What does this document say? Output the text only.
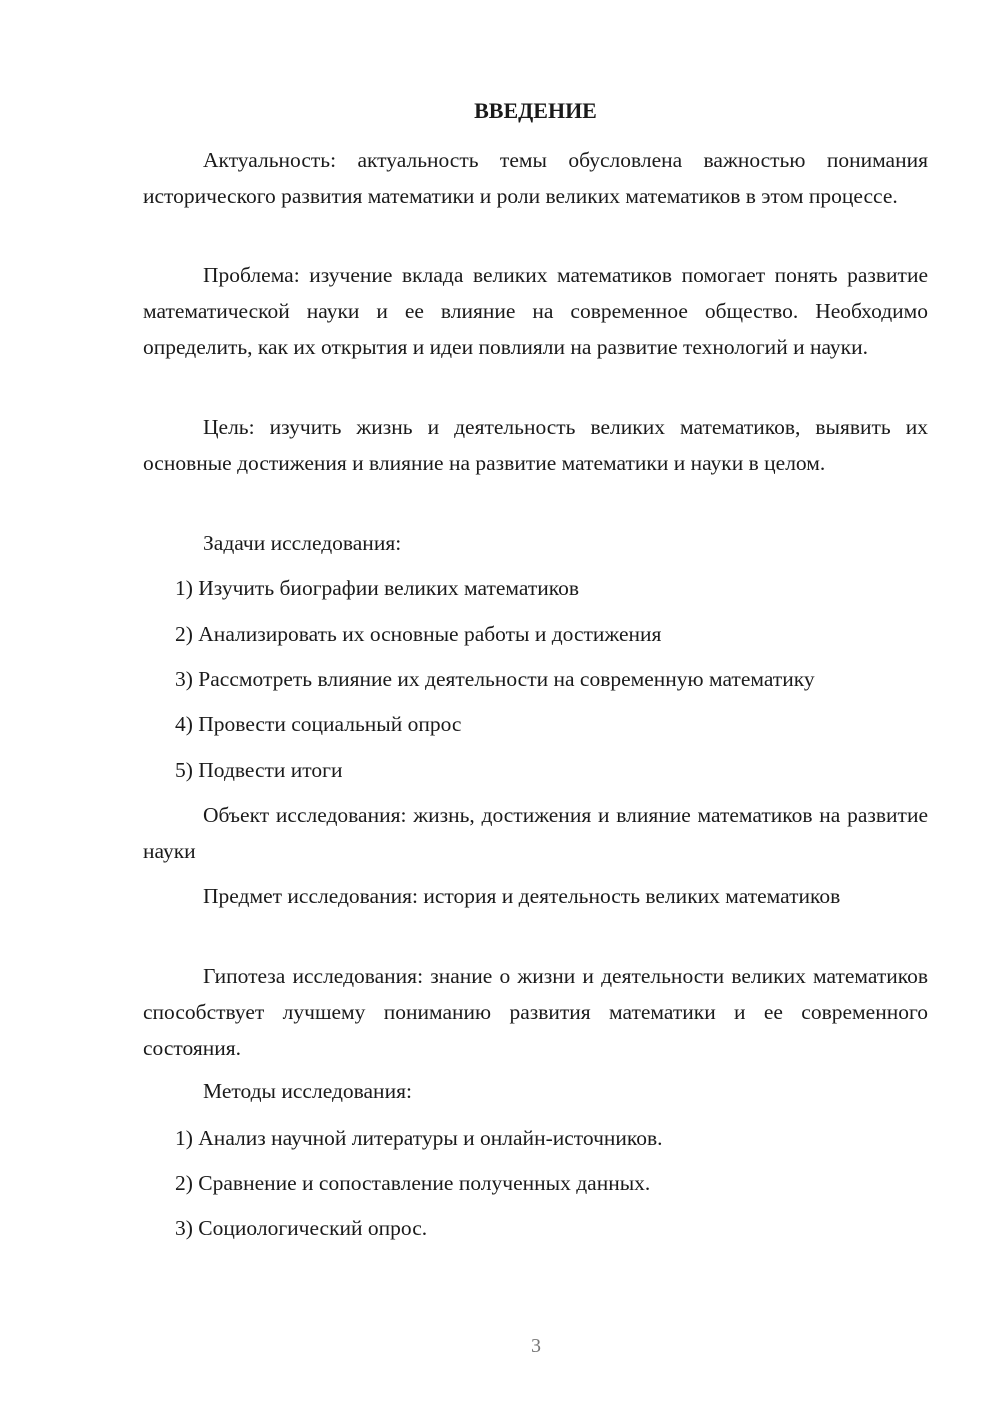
ВВЕДЕНИЕ

Актуальность: актуальность темы обусловлена важностью понимания исторического развития математики и роли великих математиков в этом процессе.

Проблема: изучение вклада великих математиков помогает понять развитие математической науки и ее влияние на современное общество. Необходимо определить, как их открытия и идеи повлияли на развитие технологий и науки.

Цель: изучить жизнь и деятельность великих математиков, выявить их основные достижения и влияние на развитие математики и науки в целом.

Задачи исследования:

1) Изучить биографии великих математиков

2) Анализировать их основные работы и достижения

3) Рассмотреть влияние их деятельности на современную математику

4) Провести социальный опрос

5) Подвести итоги

Объект исследования: жизнь, достижения и влияние математиков на развитие науки

Предмет исследования: история и деятельность великих математиков

Гипотеза исследования: знание о жизни и деятельности великих математиков способствует лучшему пониманию развития математики и ее современного состояния.

Методы исследования:

1) Анализ научной литературы и онлайн-источников.

2) Сравнение и сопоставление полученных данных.

3) Социологический опрос.

3
